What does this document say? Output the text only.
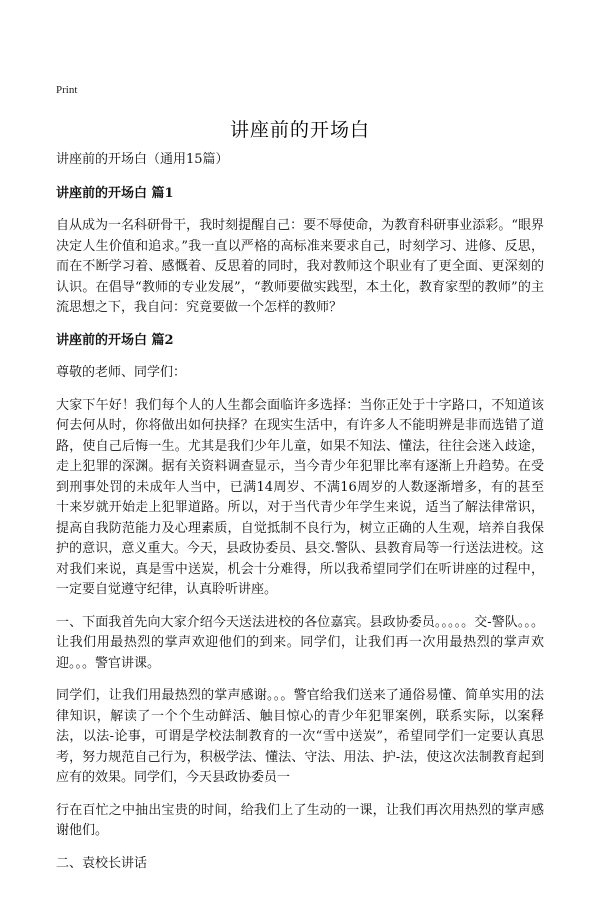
Print
讲座前的开场白

讲座前的开场白（通用15篇）

讲座前的开场白 篇1

自从成为一名科研骨干，我时刻提醒自己：要不辱使命，为教育科研事业添彩。“眼界决定人生价值和追求。”我一直以严格的高标准来要求自己，时刻学习、进修、反思，而在不断学习着、感慨着、反思着的同时，我对教师这个职业有了更全面、更深刻的认识。在倡导“教师的专业发展”，“教师要做实践型，本土化，教育家型的教师”的主流思想之下，我自问：究竟要做一个怎样的教师？

讲座前的开场白 篇2

尊敬的老师、同学们：

大家下午好！我们每个人的人生都会面临许多选择：当你正处于十字路口，不知道该何去何从时，你将做出如何抉择？在现实生活中，有许多人不能明辨是非而选错了道路，使自己后悔一生。尤其是我们少年儿童，如果不知法、懂法，往往会迷入歧途，走上犯罪的深渊。据有关资料调查显示，当今青少年犯罪比率有逐渐上升趋势。在受到刑事处罚的未成年人当中，已满14周岁、不满16周岁的人数逐渐增多，有的甚至十来岁就开始走上犯罪道路。所以，对于当代青少年学生来说，适当了解法律常识，提高自我防范能力及心理素质，自觉抵制不良行为，树立正确的人生观，培养自我保护的意识，意义重大。今天，县政协委员、县交.警队、县教育局等一行送法进校。这对我们来说，真是雪中送炭，机会十分难得，所以我希望同学们在听讲座的过程中，一定要自觉遵守纪律，认真聆听讲座。

一、下面我首先向大家介绍今天送法进校的各位嘉宾。县政协委员。。。。。交-警队。。。让我们用最热烈的掌声欢迎他们的到来。同学们，让我们再一次用最热烈的掌声欢迎。。。警官讲课。

同学们，让我们用最热烈的掌声感谢。。。警官给我们送来了通俗易懂、简单实用的法律知识，解读了一个个生动鲜活、触目惊心的青少年犯罪案例，联系实际，以案释法，以法-论事，可谓是学校法制教育的一次“雪中送炭”，希望同学们一定要认真思考，努力规范自己行为，积极学法、懂法、守法、用法、护-法，使这次法制教育起到应有的效果。同学们，今天县政协委员一

行在百忙之中抽出宝贵的时间，给我们上了生动的一课，让我们再次用热烈的掌声感谢他们。

二、袁校长讲话
